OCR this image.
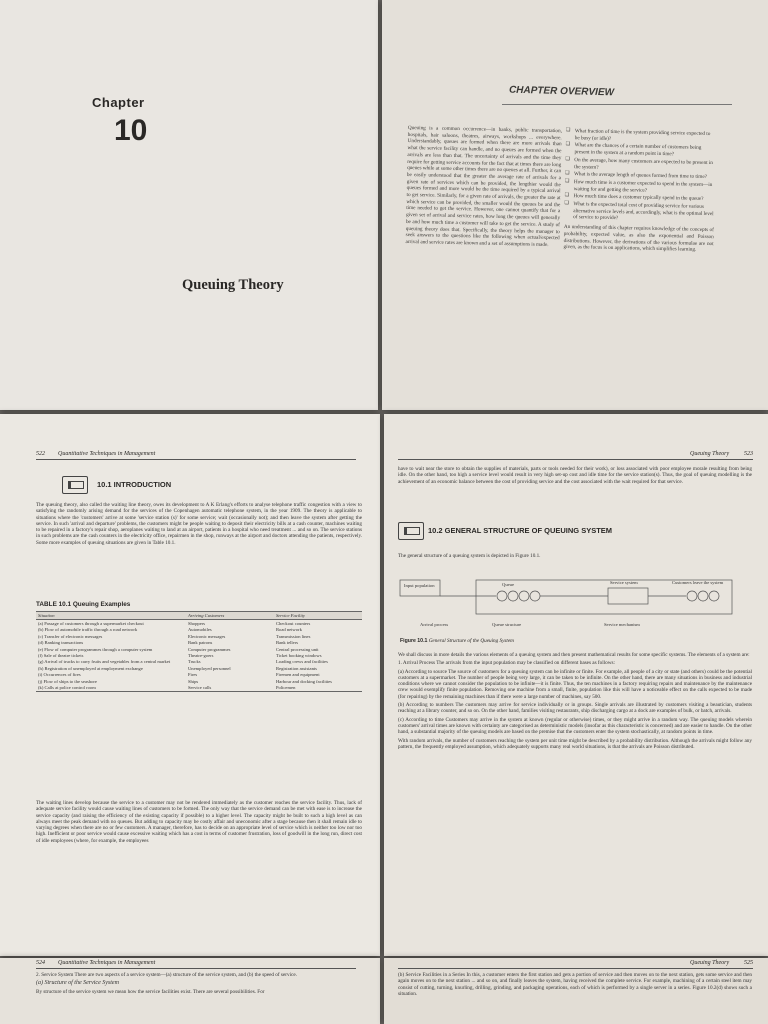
Chapter
10
Queuing Theory
CHAPTER OVERVIEW
Queuing is a common occurrence—in banks, public transportation, hospitals, hair saloons, theatres, airways, workshops ... everywhere. Understandably, queues are formed when there are more arrivals than what the service facility can handle, and no queues are formed when the arrivals are less than that. The uncertainty of arrivals and the time they require for getting service accounts for the fact that at times there are long queues while at some other times there are no queues at all. Further, it can be easily understood that the greater the average rate of arrivals for a given rate of services which can be provided, the lengthier would the queues formed and more would be the time required by a typical arrival to get service. Similarly, for a given rate of arrivals, the greater the rate at which service can be provided, the smaller would the queues be and the time needed to get the service. However, one cannot quantify that for a given set of arrival and service rates, how long the queues will generally be and how much time a customer will take to get the service. A study of queuing theory does that. Specifically, the theory helps the manager to seek answers to the questions like the following when actual/expected arrival and service rates are known and a set of assumptions is made.
❑ What fraction of time is the system providing service expected to be busy (or idle)?
❑ What are the chances of a certain number of customers being present in the system at a random point in time?
❑ On the average, how many customers are expected to be present in the system?
❑ What is the average length of queues formed from time to time?
❑ How much time is a customer expected to spend in the system—in waiting for and getting the service?
❑ How much time does a customer typically spend in the queue?
❑ What is the expected total cost of providing service for various alternative service levels and, accordingly, what is the optimal level of service to provide?

An understanding of this chapter requires knowledge of the concepts of probability, expected value, as also the exponential and Poisson distributions. However, the derivations of the various formulae are not given, as the focus is on applications, which simplifies learning.

522 Quantitative Techniques in Management
10.1 INTRODUCTION
The queuing theory, also called the waiting line theory, owes its development to A K Erlang's efforts to analyse telephone traffic congestion with a view to satisfying the randomly arising demand for the services of the Copenhagen automatic telephone system, in the year 1909. The theory is applicable to situations where the 'customers' arrive at some 'service station (s)' for some service; wait (occasionally not); and then leave the system after getting the service. In such 'arrival and departure' problems, the customers might be people waiting to deposit their electricity bills at a cash counter, machines waiting to be repaired in a factory's repair shop, aeroplanes waiting to land at an airport, patients in a hospital who need treatment ... and so on. The service stations in such problems are the cash counters in the electricity office, repairmen in the shop, runways at the airport and doctors attending the patients, respectively. Some more examples of queuing situations are given in Table 10.1.
TABLE 10.1 Queuing Examples
Situation	Arriving Customers	Service Facility
(a) Passage of customers through a supermarket checkout	Shoppers	Checkout counters
(b) Flow of automobile traffic through a road network	Automobiles	Road network
(c) Transfer of electronic messages	Electronic messages	Transmission lines
(d) Banking transactions	Bank patrons	Bank tellers
(e) Flow of computer programmes through a computer system	Computer programmes	Central processing unit
(f) Sale of theatre tickets	Theatre-goers	Ticket booking windows
(g) Arrival of trucks to carry fruits and vegetables from a central market	Trucks	Loading crews and facilities
(h) Registration of unemployed at employment exchange	Unemployed personnel	Registration assistants
(i) Occurrences of fires	Fires	Firemen and equipment
(j) Flow of ships to the seashore	Ships	Harbour and docking facilities
(k) Calls at police control room	Service calls	Policemen
The waiting lines develop because the service to a customer may not be rendered immediately as the customer reaches the service facility. Thus, lack of adequate service facility would cause waiting lines of customers to be formed. The only way that the service demand can be met with ease is to increase the service capacity (and raising the efficiency of the existing capacity if possible) to a higher level. The capacity might be built to such a high level as can always meet the peak demand with no queues. But adding to capacity may be costly affair and uneconomic after a stage because then it shall remain idle to varying degrees when there are no or few customers. A manager, therefore, has to decide on an appropriate level of service which is neither too low nor too high. Inefficient or poor service would cause excessive waiting which has a cost in terms of customer frustration, loss of goodwill in the long run, direct cost of idle employees (where, for example, the employees
Queuing Theory 523
have to wait near the store to obtain the supplies of materials, parts or tools needed for their work), or loss associated with poor employee morale resulting from being idle. On the other hand, too high a service level would result in very high set-up cost and idle time for the service station(s). Thus, the goal of queuing modelling is the achievement of an economic balance between the cost of providing service and the cost associated with the wait required for that service.
10.2 GENERAL STRUCTURE OF QUEUING SYSTEM
The general structure of a queuing system is depicted in Figure 10.1.
Input population	Queue	Service system	Customers leave the system
Arrival process	Queue structure	Service mechanism
Figure 10.1 General Structure of the Queuing System

We shall discuss in more details the various elements of a queuing system and then present mathematical results for some specific systems. The elements of a system are:

1. Arrival Process The arrivals from the input population may be classified on different bases as follows:

(a) According to source The source of customers for a queuing system can be infinite or finite. For example, all people of a city or state (and others) could be the potential customers at a supermarket. The number of people being very large, it can be taken to be infinite. On the other hand, there are many situations in business and industrial conditions where we cannot consider the population to be infinite—it is finite. Thus, the ten machines in a factory requiring repairs and maintenance by the maintenance crew would exemplify finite population. Removing one machine from a small, finite, population like this will have a noticeable effect on the calls expected to be made (for repairing) by the remaining machines than if there were a large number of machines, say 500.

(b) According to numbers The customers may arrive for service individually or in groups. Single arrivals are illustrated by customers visiting a beautician, students reaching at a library counter, and so on. On the other hand, families visiting restaurants, ship discharging cargo at a dock are examples of bulk, or batch, arrivals.

(c) According to time Customers may arrive in the system at known (regular or otherwise) times, or they might arrive in a random way. The queuing models wherein customers' arrival times are known with certainty are categorised as deterministic models (insofar as this characteristic is concerned) and are easier to handle. On the other hand, a substantial majority of the queuing models are based on the premise that the customers enter the system stochastically, at random points in time.

With random arrivals, the number of customers reaching the system per unit time might be described by a probability distribution. Although the arrivals might follow any pattern, the frequently employed assumption, which adequately supports many real world situations, is that the arrivals are Poisson distributed.

524 Quantitative Techniques in Management

2. Service System There are two aspects of a service system—(a) structure of the service system, and (b) the speed of service.

(a) Structure of the Service System

By structure of the service system we mean how the service facilities exist. There are several possibilities. For

Queuing Theory 525
(b) Service Facilities in a Series In this, a customer enters the first station and gets a portion of service and then moves on to the next station, gets some service and then again moves on to the next station ... and so on, and finally leaves the system, having received the complete service. For example, machining of a certain steel item may consist of cutting, turning, knurling, drilling, grinding, and packaging operations, each of which is performed by a single server in a series. Figure 10.2(d) shows such a situation.
